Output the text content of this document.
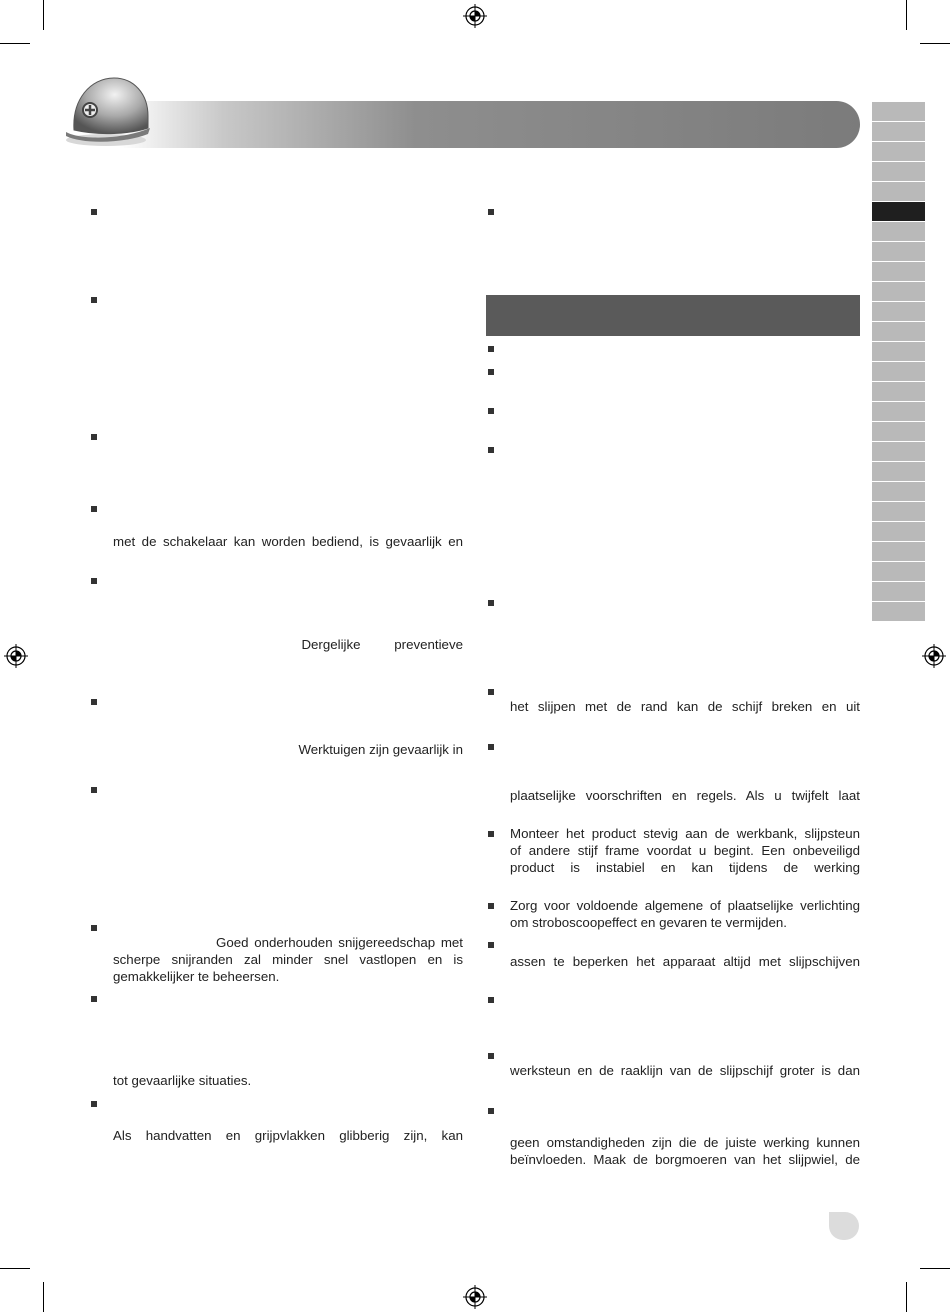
met de schakelaar kan worden bediend, is gevaarlijk en
Dergelijke preventieve
Werktuigen zijn gevaarlijk in
Goed onderhouden snijgereedschap met
scherpe snijranden zal minder snel vastlopen en is
gemakkelijker te beheersen.
tot gevaarlijke situaties.
Als handvatten en grijpvlakken glibberig zijn, kan
het slijpen met de rand kan de schijf breken en uit
plaatselijke voorschriften en regels. Als u twijfelt laat
Monteer het product stevig aan de werkbank, slijpsteun
of andere stijf frame voordat u begint. Een onbeveiligd
product is instabiel en kan tijdens de werking
Zorg voor voldoende algemene of plaatselijke verlichting
om stroboscoopeffect en gevaren te vermijden.
assen te beperken het apparaat altijd met slijpschijven
werksteun en de raaklijn van de slijpschijf groter is dan
geen omstandigheden zijn die de juiste werking kunnen
beïnvloeden. Maak de borgmoeren van het slijpwiel, de
